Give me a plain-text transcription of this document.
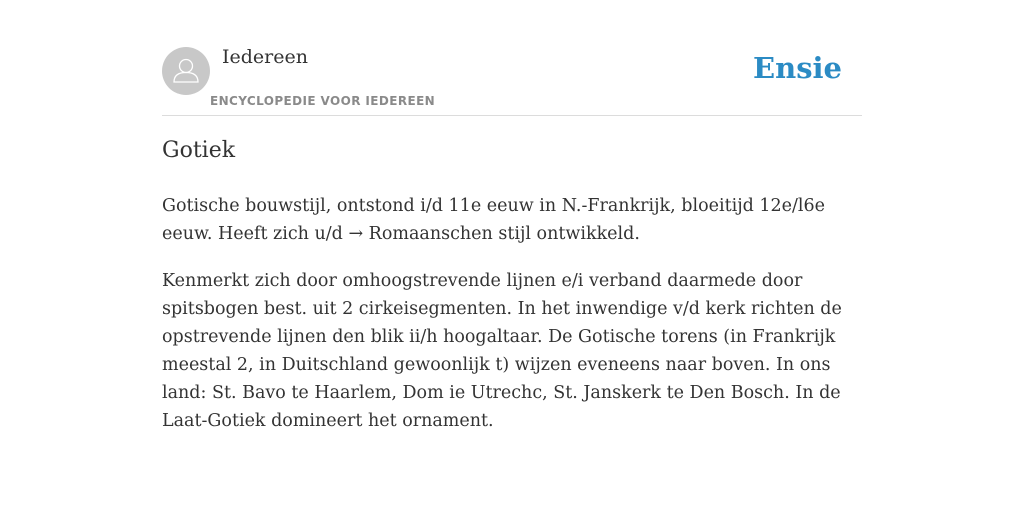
Iedereen
ENCYCLOPEDIE VOOR IEDEREEN
Ensie
Gotiek

Gotische bouwstijl, ontstond i/d 11e eeuw in N.-Frankrijk, bloeitijd 12e/l6e eeuw. Heeft zich u/d → Romaanschen stijl ontwikkeld.

Kenmerkt zich door omhoogstrevende lijnen e/i verband daarmede door spitsbogen best. uit 2 cirkeisegmenten. In het inwendige v/d kerk richten de opstrevende lijnen den blik ii/h hoogaltaar. De Gotische torens (in Frankrijk meestal 2, in Duitschland gewoonlijk t) wijzen eveneens naar boven. In ons land: St. Bavo te Haarlem, Dom ie Utrechc, St. Janskerk te Den Bosch. In de Laat-Gotiek domineert het ornament.
